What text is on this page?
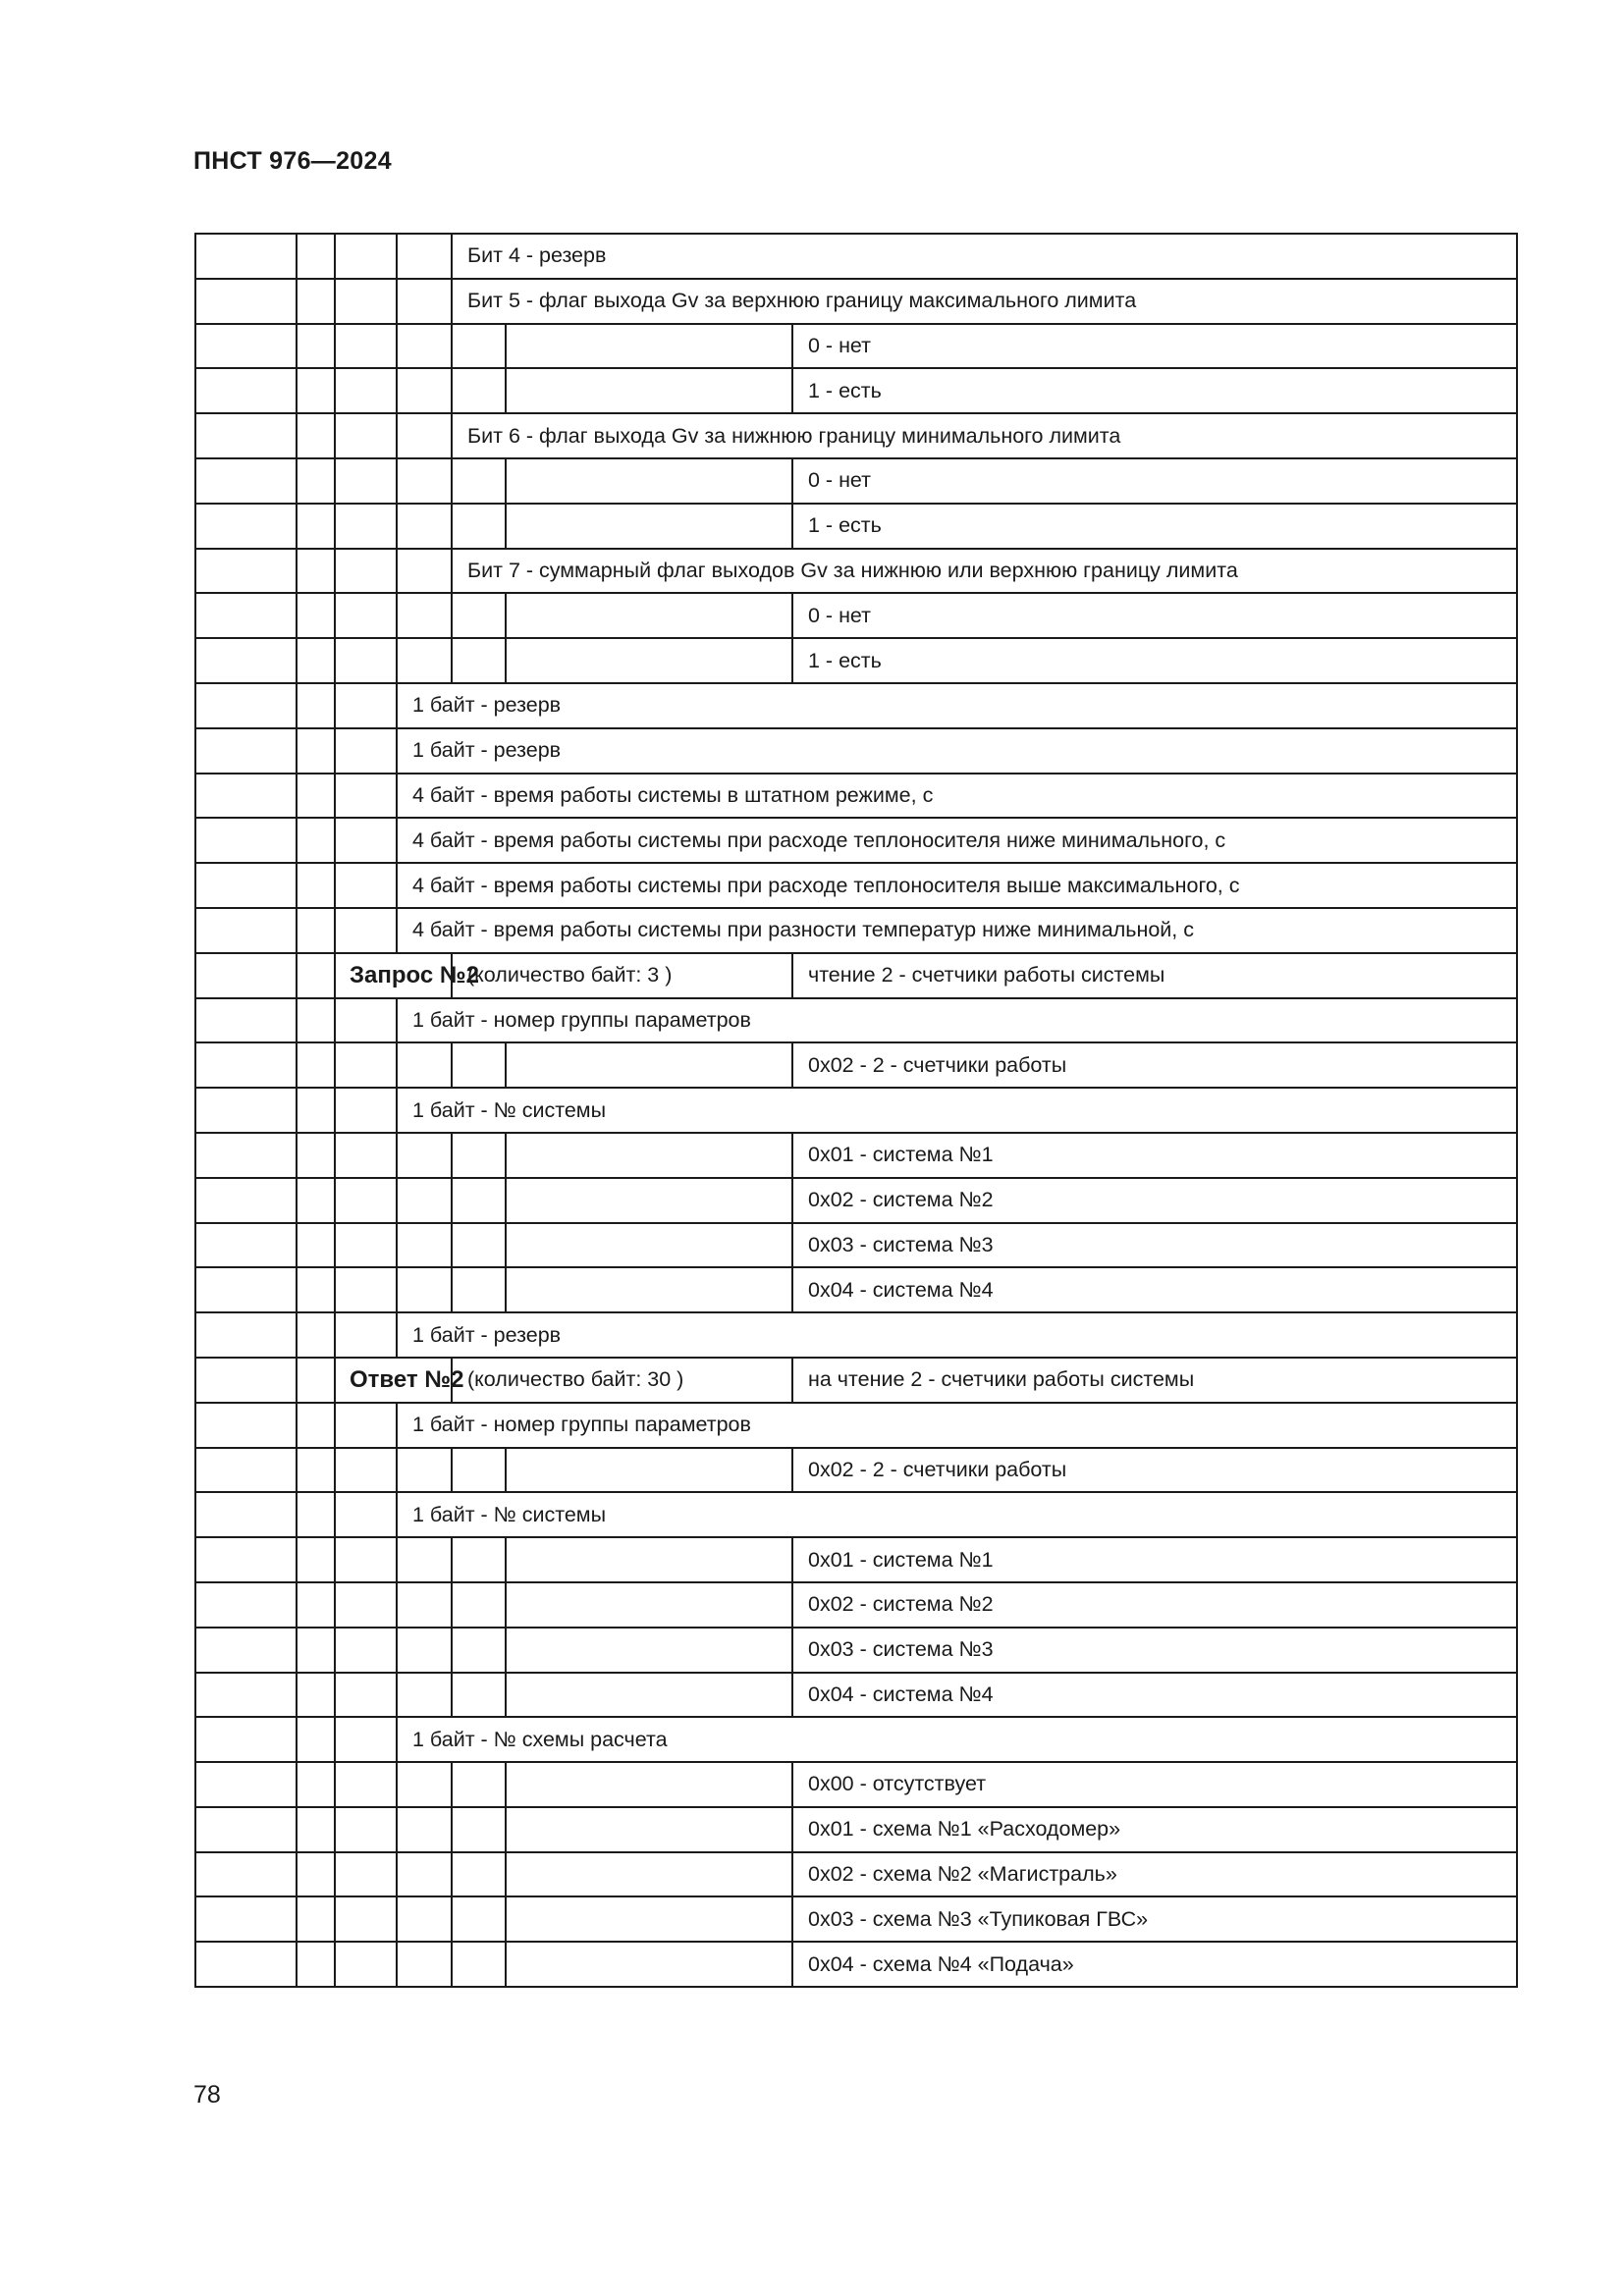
ПНСТ 976—2024
				Бит 4 - резерв		
				Бит 5 - флаг выхода Gv за верхнюю границу максимального лимита		
						0 - нет
						1 - есть
				Бит 6 - флаг выхода Gv за нижнюю границу минимального лимита		
						0 - нет
						1 - есть
				Бит 7 - суммарный флаг выходов Gv за нижнюю или верхнюю границу лимита		
						0 - нет
						1 - есть
			1 байт - резерв			
			1 байт - резерв			
			4 байт - время работы системы в штатном режиме, с			
			4 байт - время работы системы при расходе теплоносителя ниже минимального, с			
			4 байт - время работы системы при расходе теплоносителя выше максимального, с			
			4 байт - время работы системы при разности температур ниже минимальной, с			
		Запрос №2		(количество байт: 3 )		чтение 2 - счетчики работы системы
			1 байт - номер группы параметров			
						0x02 - 2 - счетчики работы
			1 байт - № системы			
						0x01 - система №1
						0x02 - система №2
						0x03 - система №3
						0x04 - система №4
			1 байт - резерв			
		Ответ №2		(количество байт: 30 )		на чтение 2 - счетчики работы системы
			1 байт - номер группы параметров			
						0x02 - 2 - счетчики работы
			1 байт - № системы			
						0x01 - система №1
						0x02 - система №2
						0x03 - система №3
						0x04 - система №4
			1 байт - № схемы расчета			
						0x00 - отсутствует
						0x01 - схема №1 «Расходомер»
						0x02 - схема №2 «Магистраль»
						0x03 - схема №3 «Тупиковая ГВС»
						0x04 - схема №4 «Подача»
78
